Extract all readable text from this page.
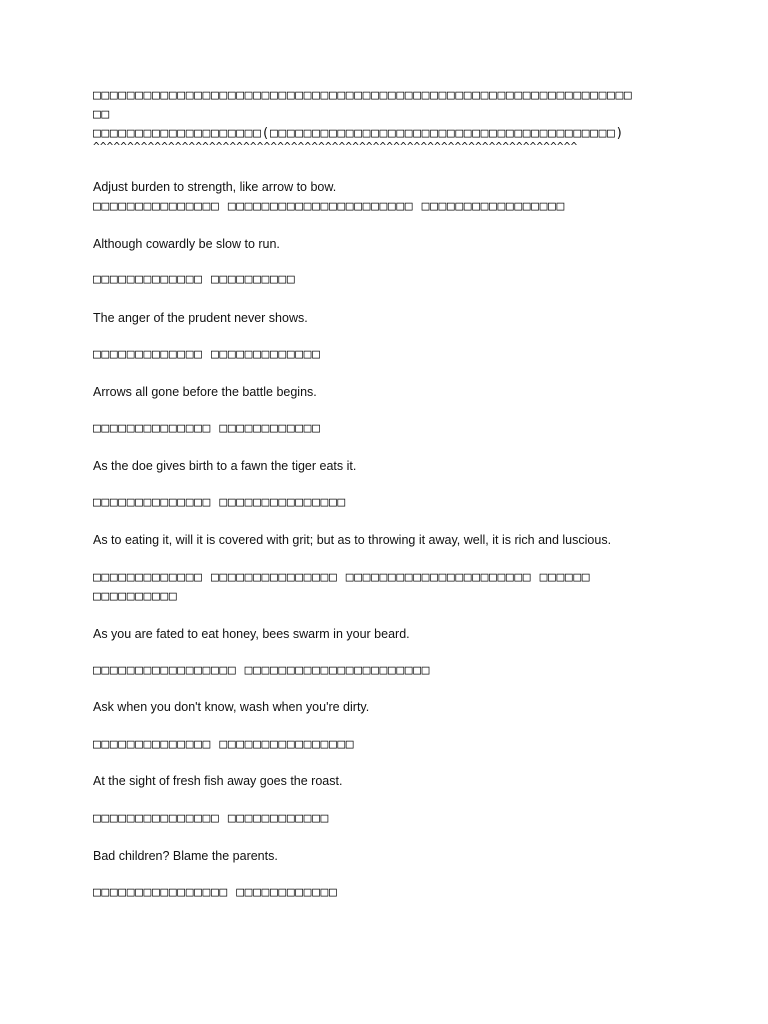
□□□□□□□□□□□□□□□□□□□□□□□□□□□□□□□□□□□□□□□□□□□□□□□□□□□□□□□□□□□□□□□□
□□
□□□□□□□□□□□□□□□□□□□□(□□□□□□□□□□□□□□□□□□□□□□□□□□□□□□□□□□□□□□□□□)
^^^^^^^^^^^^^^^^^^^^^^^^^^^^^^^^^^^^^^^^^^^^^^^^^^^^^^^^^^^^^^^^^^^^^^^
Adjust burden to strength, like arrow to bow.
□□□□□□□□□□□□□□□ □□□□□□□□□□□□□□□□□□□□□□ □□□□□□□□□□□□□□□□□
Although cowardly be slow to run.
□□□□□□□□□□□□□ □□□□□□□□□□
The anger of the prudent never shows.
□□□□□□□□□□□□□ □□□□□□□□□□□□□
Arrows all gone before the battle begins.
□□□□□□□□□□□□□□ □□□□□□□□□□□□
As the doe gives birth to a fawn the tiger eats it.
□□□□□□□□□□□□□□ □□□□□□□□□□□□□□□
As to eating it, will it is covered with grit; but as to throwing it away, well, it is rich and luscious.
□□□□□□□□□□□□□ □□□□□□□□□□□□□□□ □□□□□□□□□□□□□□□□□□□□□□ □□□□□□
□□□□□□□□□□
As you are fated to eat honey, bees swarm in your beard.
□□□□□□□□□□□□□□□□□ □□□□□□□□□□□□□□□□□□□□□□
Ask when you don't know, wash when you're dirty.
□□□□□□□□□□□□□□ □□□□□□□□□□□□□□□□
At the sight of fresh fish away goes the roast.
□□□□□□□□□□□□□□□ □□□□□□□□□□□□
Bad children? Blame the parents.
□□□□□□□□□□□□□□□□ □□□□□□□□□□□□
